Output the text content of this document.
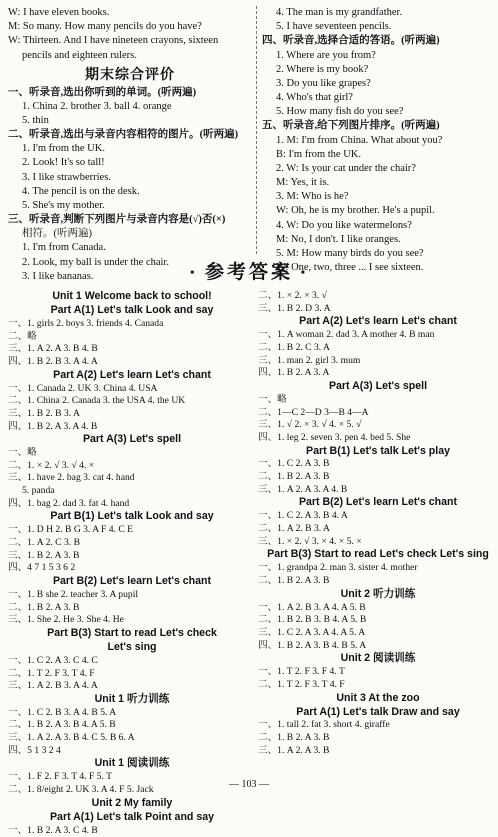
W: I have eleven books.
M: So many. How many pencils do you have?
W: Thirteen. And I have nineteen crayons, sixteen
pencils and eighteen rulers.
期末综合评价
一、听录音,选出你听到的单词。(听两遍)
1. China 2. brother 3. ball 4. orange
5. thin
二、听录音,选出与录音内容相符的图片。(听两遍)
1. I'm from the UK.
2. Look! It's so tall!
3. I like strawberries.
4. The pencil is on the desk.
5. She's my mother.
三、听录音,判断下列图片与录音内容是(√)否(×)
相符。(听两遍)
1. I'm from Canada.
2. Look, my ball is under the chair.
3. I like bananas.
4. The man is my grandfather.
5. I have seventeen pencils.
四、听录音,选择合适的答语。(听两遍)
1. Where are you from?
2. Where is my book?
3. Do you like grapes?
4. Who's that girl?
5. How many fish do you see?
五、听录音,给下列图片排序。(听两遍)
1. M: I'm from China. What about you?
B: I'm from the UK.
2. W: Is your cat under the chair?
M: Yes, it is.
3. M: Who is he?
W: Oh, he is my brother. He's a pupil.
4. W: Do you like watermelons?
M: No, I don't. I like oranges.
5. M: How many birds do you see?
W: One, two, three ... I see sixteen.
■ 参考答案 ■
Unit 1 Welcome back to school!
Part A(1) Let's talk Look and say
一、1. girls 2. boys 3. friends 4. Canada
二、略
三、1. A 2. A 3. B 4. B
四、1. B 2. B 3. A 4. A
Part A(2) Let's learn Let's chant
一、1. Canada 2. UK 3. China 4. USA
二、1. China 2. Canada 3. the USA 4. the UK
三、1. B 2. B 3. A
四、1. B 2. A 3. A 4. B
Part A(3) Let's spell
一、略
二、1. × 2. √ 3. √ 4. ×
三、1. have 2. bag 3. cat 4. hand
5. panda
四、1. bag 2. dad 3. fat 4. hand
Part B(1) Let's talk Look and say
一、1. D H 2. B G 3. A F 4. C E
二、1. A 2. C 3. B
三、1. B 2. A 3. B
四、4 7 1 5 3 6 2
Part B(2) Let's learn Let's chant
一、1. B she 2. teacher 3. A pupil
二、1. B 2. A 3. B
三、1. She 2. He 3. She 4. He
Part B(3) Start to read Let's check
Let's sing
一、1. C 2. A 3. C 4. C
二、1. T 2. F 3. T 4. F
三、1. A 2. B 3. A 4. A
Unit 1 听力训练
一、1. C 2. B 3. A 4. B 5. A
二、1. B 2. A 3. B 4. A 5. B
三、1. A 2. A 3. B 4. C 5. B 6. A
四、5 1 3 2 4
Unit 1 阅读训练
一、1. F 2. F 3. T 4. F 5. T
二、1. 8/eight 2. UK 3. A 4. F 5. Jack
Unit 2 My family
Part A(1) Let's talk Point and say
一、1. B 2. A 3. C 4. B
二、1. × 2. × 3. √
三、1. B 2. D 3. A
Part A(2) Let's learn Let's chant
一、1. A woman 2. dad 3. A mother 4. B man
二、1. B 2. C 3. A
三、1. man 2. girl 3. mum
四、1. B 2. A 3. A
Part A(3) Let's spell
一、略
二、1—C 2—D 3—B 4—A
三、1. √ 2. × 3. √ 4. × 5. √
四、1. leg 2. seven 3. pen 4. bed 5. She
Part B(1) Let's talk Let's play
一、1. C 2. A 3. B
二、1. B 2. A 3. B
三、1. A 2. A 3. A 4. B
Part B(2) Let's learn Let's chant
一、1. C 2. A 3. B 4. A
二、1. A 2. B 3. A
三、1. × 2. √ 3. × 4. × 5. ×
Part B(3) Start to read Let's check Let's sing
一、1. grandpa 2. man 3. sister 4. mother
二、1. B 2. A 3. B
Unit 2 听力训练
一、1. A 2. B 3. A 4. A 5. B
二、1. B 2. B 3. B 4. A 5. B
三、1. C 2. A 3. A 4. A 5. A
四、1. B 2. A 3. B 4. B 5. A
Unit 2 阅读训练
一、1. T 2. F 3. F 4. T
二、1. T 2. F 3. T 4. F
Unit 3 At the zoo
Part A(1) Let's talk Draw and say
一、1. tall 2. fat 3. short 4. giraffe
二、1. B 2. A 3. B
三、1. A 2. A 3. B
— 103 —
